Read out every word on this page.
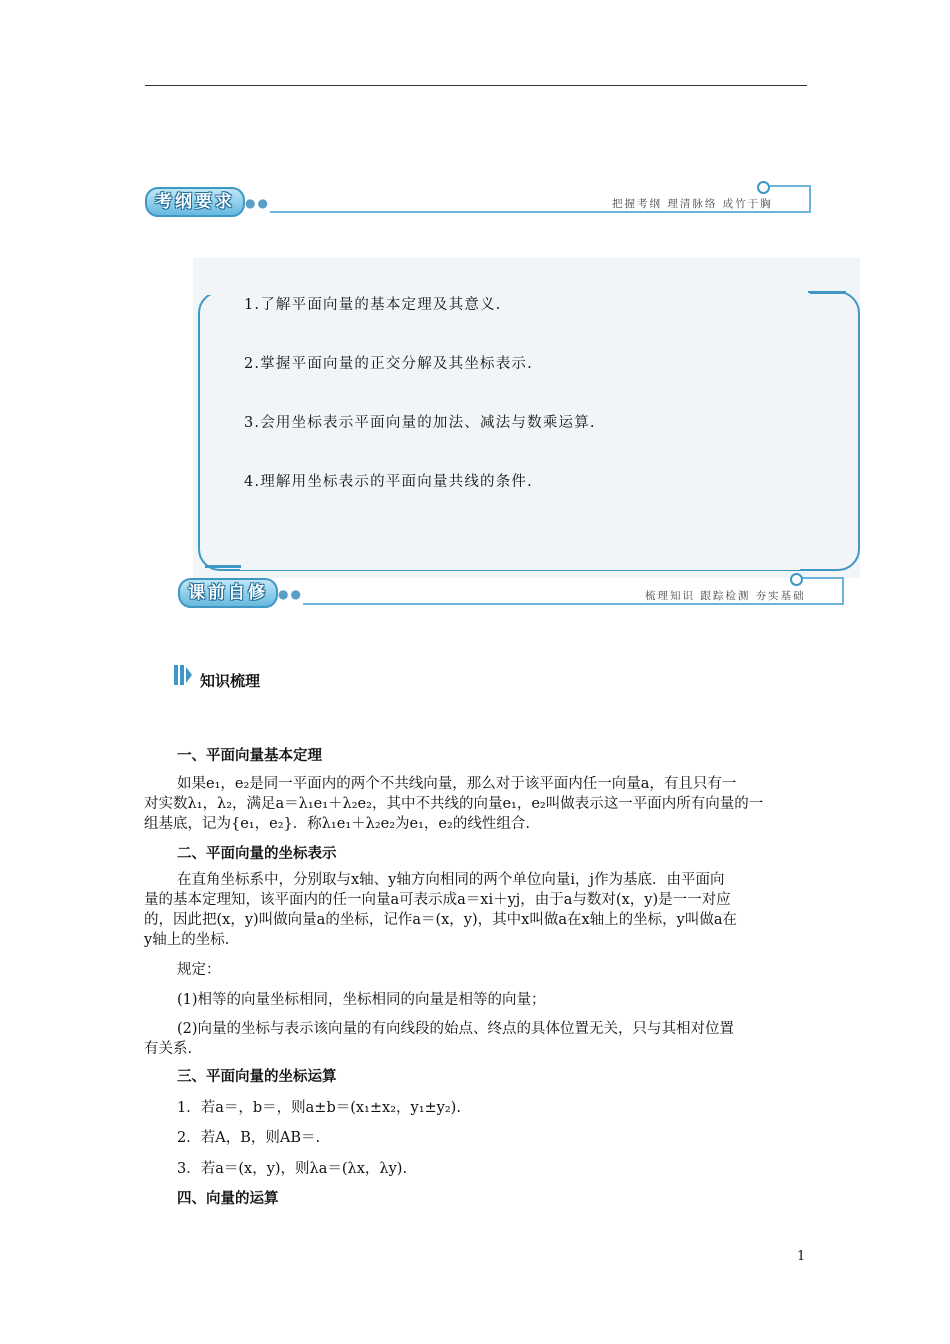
考纲要求 ●●	把握考纲 理清脉络 成竹于胸
1.了解平面向量的基本定理及其意义.
2.掌握平面向量的正交分解及其坐标表示.
3.会用坐标表示平面向量的加法、减法与数乘运算.
4.理解用坐标表示的平面向量共线的条件.
课前自修 ●●	梳理知识 跟踪检测 夯实基础
知识梳理
一、平面向量基本定理
如果e₁，e₂是同一平面内的两个不共线向量，那么对于该平面内任一向量a，有且只有一
对实数λ₁，λ₂，满足a＝λ₁e₁＋λ₂e₂，其中不共线的向量e₁，e₂叫做表示这一平面内所有向量的一
组基底，记为{e₁，e₂}．称λ₁e₁＋λ₂e₂为e₁，e₂的线性组合.
二、平面向量的坐标表示
在直角坐标系中，分别取与x轴、y轴方向相同的两个单位向量i，j作为基底．由平面向
量的基本定理知，该平面内的任一向量a可表示成a＝xi＋yj，由于a与数对(x，y)是一一对应
的，因此把(x，y)叫做向量a的坐标，记作a＝(x，y)，其中x叫做a在x轴上的坐标，y叫做a在
y轴上的坐标.
规定：
(1)相等的向量坐标相同，坐标相同的向量是相等的向量；
(2)向量的坐标与表示该向量的有向线段的始点、终点的具体位置无关，只与其相对位置
有关系.
三、平面向量的坐标运算
1．若a＝，b＝，则a±b＝(x₁±x₂，y₁±y₂).
2．若A，B，则AB＝.
3．若a＝(x，y)，则λa＝(λx，λy).
四、向量的运算
1
